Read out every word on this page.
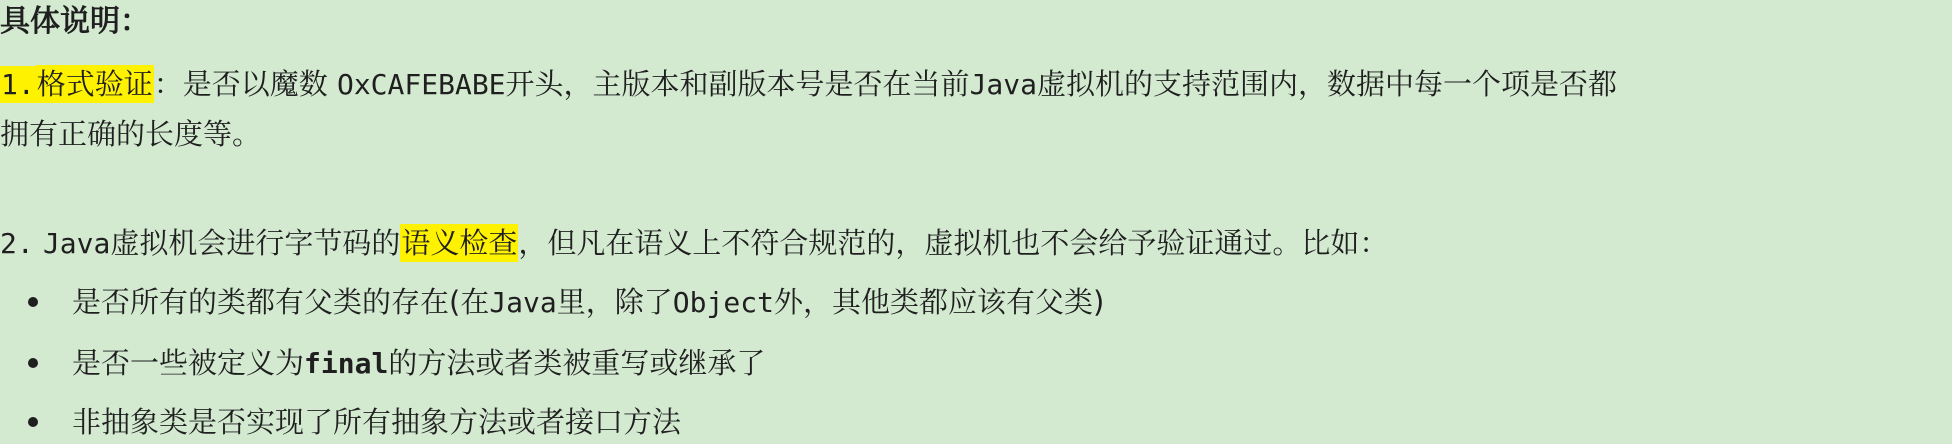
具体说明：
1.格式验证：是否以魔数 OxCAFEBABE开头，主版本和副版本号是否在当前Java虚拟机的支持范围内，数据中每一个项是否都
拥有正确的长度等。
2. Java虚拟机会进行字节码的语义检查，但凡在语义上不符合规范的，虚拟机也不会给予验证通过。比如：
是否所有的类都有父类的存在(在Java里，除了Object外，其他类都应该有父类)
是否一些被定义为final的方法或者类被重写或继承了
非抽象类是否实现了所有抽象方法或者接口方法
